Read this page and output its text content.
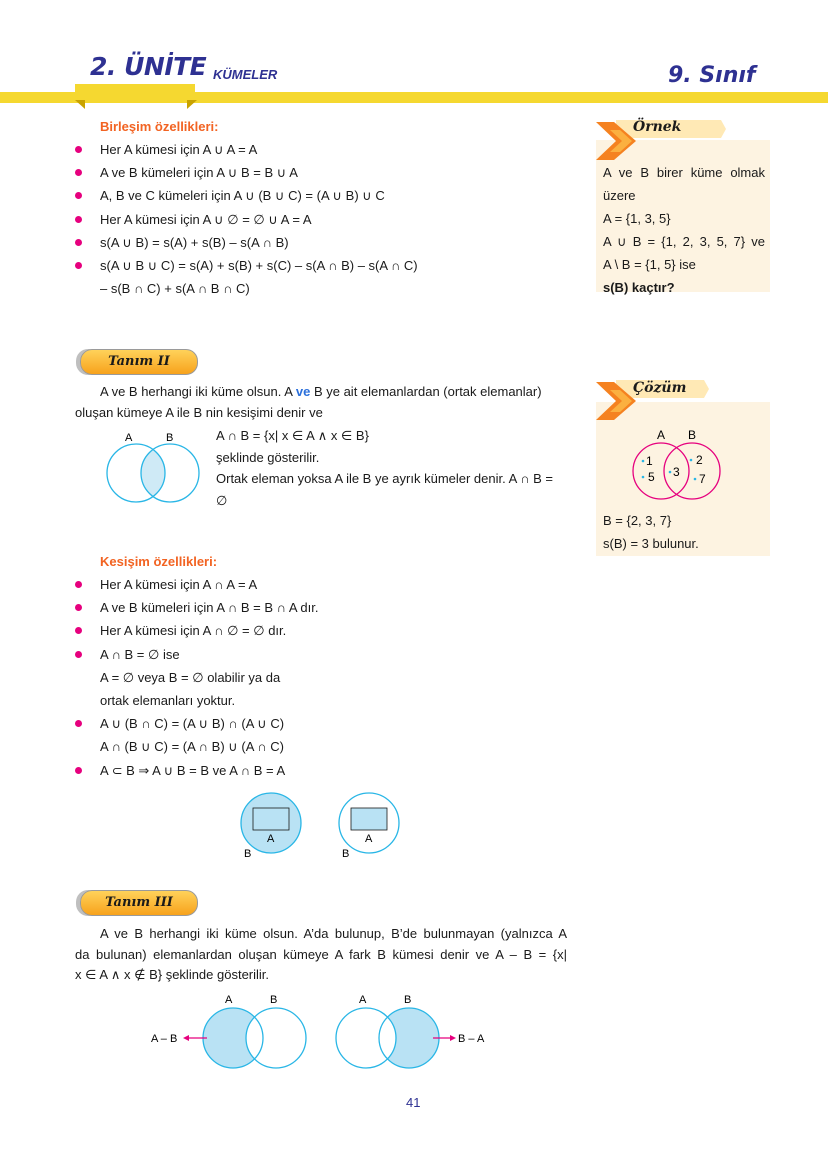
2. ÜNİTE KÜMELER	9. Sınıf
Birleşim özellikleri:
Her A kümesi için A ∪ A = A
A ve B kümeleri için A ∪ B = B ∪ A
A, B ve C kümeleri için A ∪ (B ∪ C) = (A ∪ B) ∪ C
Her A kümesi için A ∪ ∅ = ∅ ∪ A = A
s(A ∪ B) = s(A) + s(B) – s(A ∩ B)
s(A ∪ B ∪ C) = s(A) + s(B) + s(C) – s(A ∩ B) – s(A ∩ C)
– s(B ∩ C) + s(A ∩ B ∩ C)
Örnek
A ve B birer küme olmak
üzere
A = {1, 3, 5}
A ∪ B = {1, 2, 3, 5, 7} ve
A \ B = {1, 5} ise
s(B) kaçtır?
Çözüm
A B
1
5 3
2
7
B = {2, 3, 7}
s(B) = 3 bulunur.
Tanım II
A ve B herhangi iki küme olsun. A ve B ye ait elemanlardan (ortak elemanlar)
oluşan kümeye A ile B nin kesişimi denir ve
A	B	A ∩ B = {x| x ∈ A ∧ x ∈ B}
şeklinde gösterilir.
Ortak eleman yoksa A ile B ye ayrık kümeler denir. A ∩ B =
∅
Kesişim özellikleri:
Her A kümesi için A ∩ A = A
A ve B kümeleri için A ∩ B = B ∩ A dır.
Her A kümesi için A ∩ ∅ = ∅ dır.
A ∩ B = ∅ ise
A = ∅ veya B = ∅ olabilir ya da
ortak elemanları yoktur.
A ∪ (B ∩ C) = (A ∪ B) ∩ (A ∪ C)
A ∩ (B ∪ C) = (A ∩ B) ∪ (A ∩ C)
A ⊂ B ⇒ A ∪ B = B ve A ∩ B = A
A
B
A
B
Tanım III
A ve B herhangi iki küme olsun. A’da bulunup, B’de bulunmayan (yalnızca A
da bulunan) elemanlardan oluşan kümeye A fark B kümesi denir ve A – B = {x|
x ∈ A ∧ x ∉ B} şeklinde gösterilir.
A	B
A – B
A	B
B – A
41
